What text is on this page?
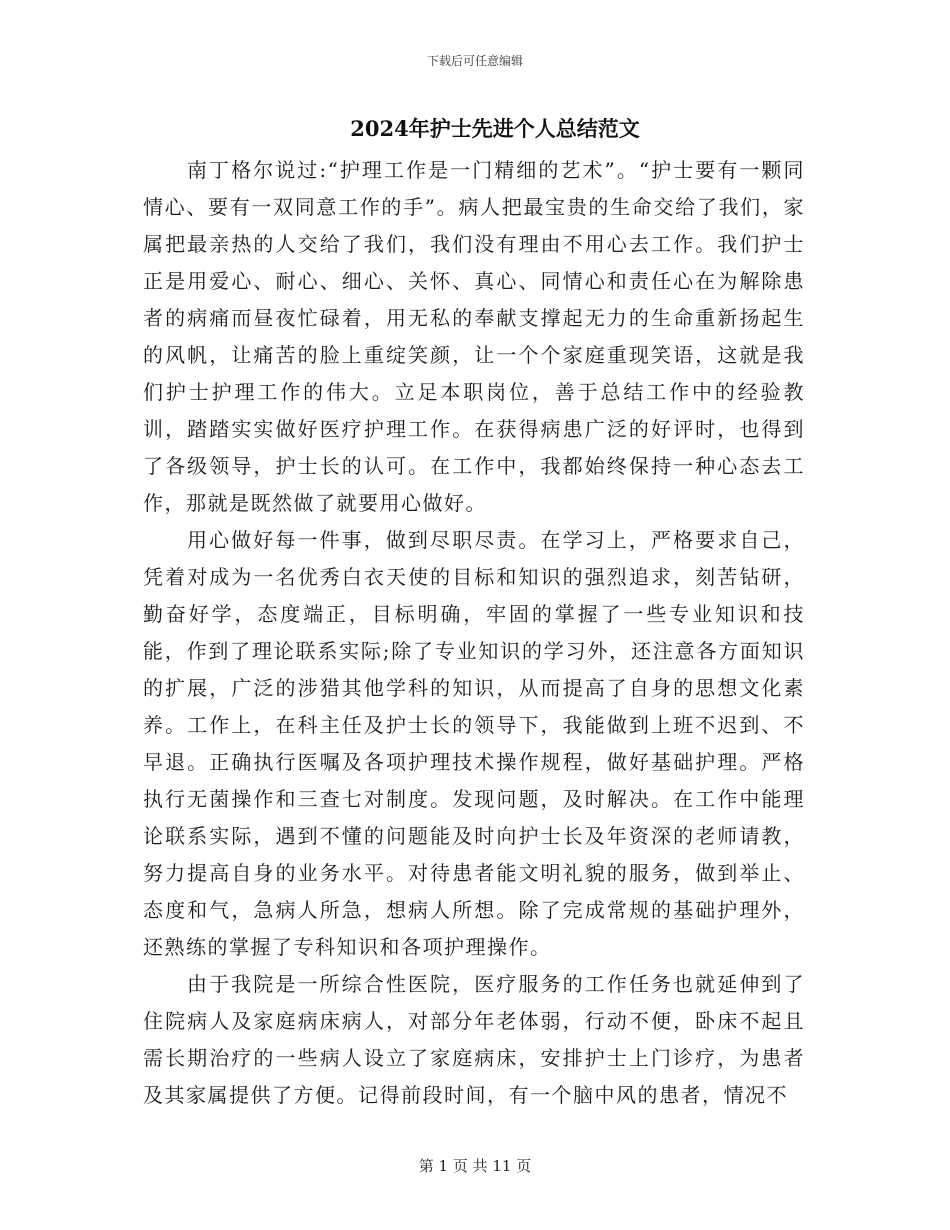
下载后可任意编辑
2024年护士先进个人总结范文

南丁格尔说过:“护理工作是一门精细的艺术”。“护士要有一颗同情心、要有一双同意工作的手”。病人把最宝贵的生命交给了我们，家属把最亲热的人交给了我们，我们没有理由不用心去工作。我们护士正是用爱心、耐心、细心、关怀、真心、同情心和责任心在为解除患者的病痛而昼夜忙碌着，用无私的奉献支撑起无力的生命重新扬起生的风帆，让痛苦的脸上重绽笑颜，让一个个家庭重现笑语，这就是我们护士护理工作的伟大。立足本职岗位，善于总结工作中的经验教训，踏踏实实做好医疗护理工作。在获得病患广泛的好评时，也得到了各级领导，护士长的认可。在工作中，我都始终保持一种心态去工作，那就是既然做了就要用心做好。

用心做好每一件事，做到尽职尽责。在学习上，严格要求自己，凭着对成为一名优秀白衣天使的目标和知识的强烈追求，刻苦钻研，勤奋好学，态度端正，目标明确，牢固的掌握了一些专业知识和技能，作到了理论联系实际;除了专业知识的学习外，还注意各方面知识的扩展，广泛的涉猎其他学科的知识，从而提高了自身的思想文化素养。工作上，在科主任及护士长的领导下，我能做到上班不迟到、不早退。正确执行医嘱及各项护理技术操作规程，做好基础护理。严格执行无菌操作和三查七对制度。发现问题，及时解决。在工作中能理论联系实际，遇到不懂的问题能及时向护士长及年资深的老师请教，努力提高自身的业务水平。对待患者能文明礼貌的服务，做到举止、态度和气，急病人所急，想病人所想。除了完成常规的基础护理外，还熟练的掌握了专科知识和各项护理操作。

由于我院是一所综合性医院，医疗服务的工作任务也就延伸到了住院病人及家庭病床病人，对部分年老体弱，行动不便，卧床不起且需长期治疗的一些病人设立了家庭病床，安排护士上门诊疗，为患者及其家属提供了方便。记得前段时间，有一个脑中风的患者，情况不

第 1 页 共 11 页
